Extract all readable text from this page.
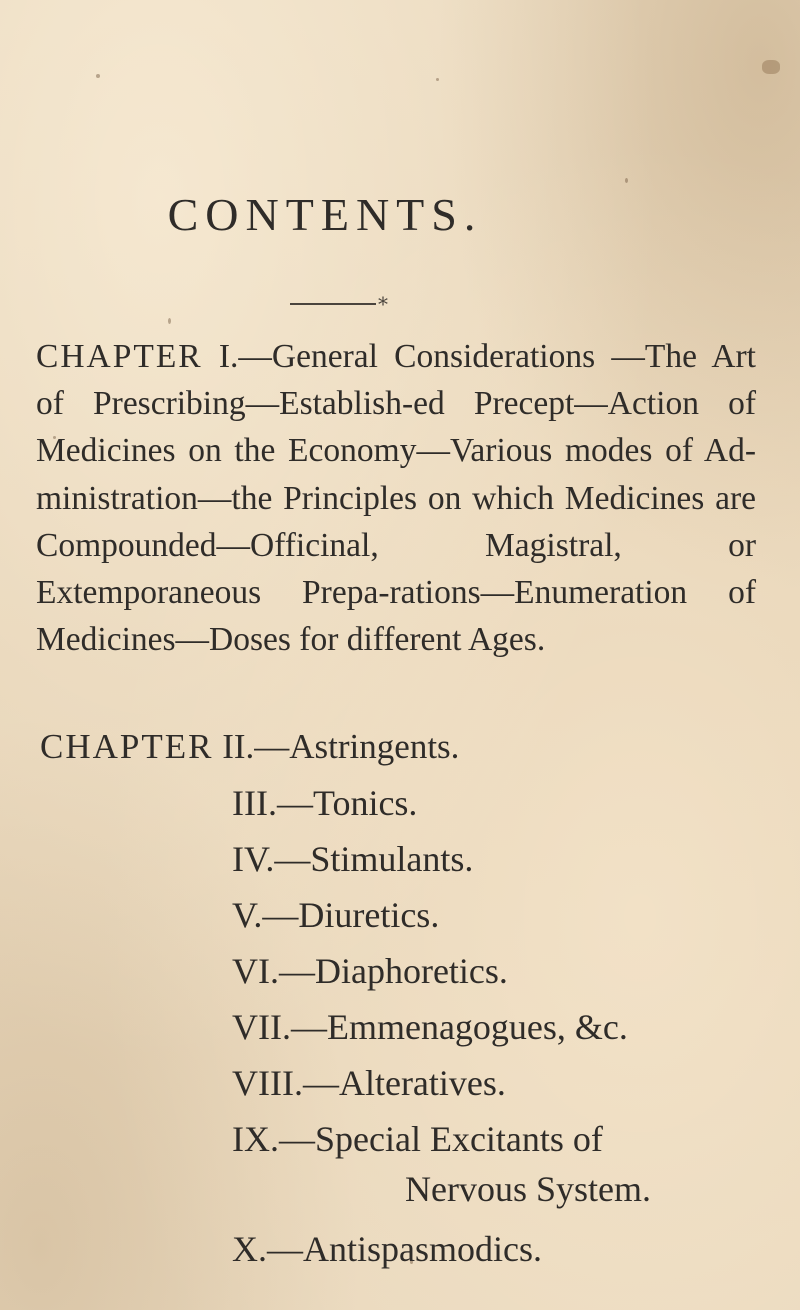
CONTENTS.
⁎
CHAPTER I.—General Considerations —The Art of Prescribing—Establish-ed Precept—Action of Medicines on the Economy—Various modes of Ad-ministration—the Principles on which Medicines are Compounded—Officinal, Magistral, or Extemporaneous Prepa-rations—Enumeration of Medicines—Doses for different Ages.
CHAPTER II.—Astringents.
III.—Tonics.
IV.—Stimulants.
V.—Diuretics.
VI.—Diaphoretics.
VII.—Emmenagogues, &c.
VIII.—Alteratives.
IX.—Special Excitants of
Nervous System.
X.—Antispasmodics.
